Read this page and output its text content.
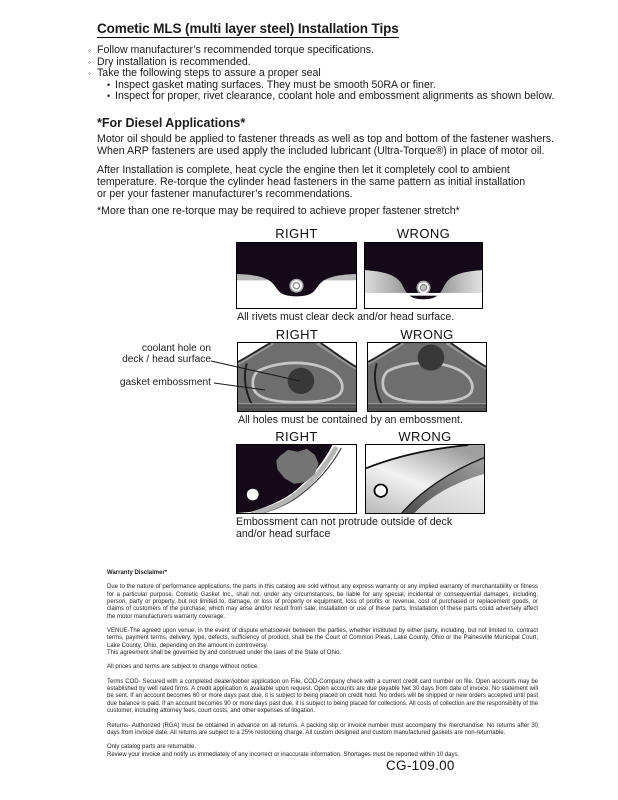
Cometic MLS (multi layer steel) Installation Tips
◦ Follow manufacturer’s recommended torque specifications.
◦ Dry installation is recommended.
◦ Take the following steps to assure a proper seal
• Inspect gasket mating surfaces. They must be smooth 50RA or finer.
• Inspect for proper, rivet clearance, coolant hole and embossment alignments as shown below.
*For Diesel Applications*
Motor oil should be applied to fastener threads as well as top and bottom of the fastener washers.
When ARP fasteners are used apply the included lubricant (Ultra-Torque®) in place of motor oil.
After Installation is complete, heat cycle the engine then let it completely cool to ambient
temperature. Re-torque the cylinder head fasteners in the same pattern as initial installation
or per your fastener manufacturer’s recommendations.
*More than one re-torque may be required to achieve proper fastener stretch*
RIGHT	WRONG
All rivets must clear deck and/or head surface.
RIGHT	WRONG
coolant hole on
deck / head surface
gasket embossment
All holes must be contained by an embossment.
RIGHT	WRONG
Embossment can not protrude outside of deck
and/or head surface
Warranty Disclaimer*
Due to the nature of performance applications, the parts in this catalog are sold without any express warranty or any implied warranty of merchantability or fitness for a particular purpose. Cometic Gasket Inc., shall not, under any circumstances, be liable for any special, incidental or consequential damages, including, person, party or property, but not limited to, damage, or loss of property or equipment, loss of profits or revenue, cost of purchased or replacement goods, or claims of customers of the purchase, which may arise and/or result from sale, installation or use of these parts. Installation of these parts could adversely affect the motor manufacturers warranty coverage.
VENUE-The agreed upon venue, in the event of dispute whatsoever between the parties, whether instituted by either party, including, but not limited to, contract terms, payment terms, delivery, type, defects, sufficiency of product, shall be the Court of Common Pleas, Lake County, Ohio or the Painesville Municipal Court, Lake County, Ohio, depending on the amount in controversy.
This agreement shall be governed by and construed under the laws of the State of Ohio.
All prices and terms are subject to change without notice.
Terms COD- Secured with a completed dealer/jobber application on File, COD-Company check with a current credit card number on file. Open accounts may be established by well rated firms. A credit application is available upon request. Open accounts are due payable Net 30 days from date of invoice. No statement will be sent. If an account becomes 60 or more days past due, it is subject to being placed on credit hold. No orders will be shipped or new orders accepted until past due balance is paid. If an account becomes 90 or more days past due, it is subject to being placed for collections. All costs of collection are the responsibility of the customer, including attorney fees, court costs, and other expenses of litigation.
Returns- Authorized (RGA) must be obtained in advance on all returns. A packing slip or invoice number must accompany the merchandise. No returns after 30 days from invoice date. All returns are subject to a 25% restocking charge. All custom designed and custom manufactured gaskets are non-returnable.
Only catalog parts are returnable.
Review your invoice and notify us immediately of any incorrect or inaccurate information. Shortages must be reported within 10 days.
CG-109.00
